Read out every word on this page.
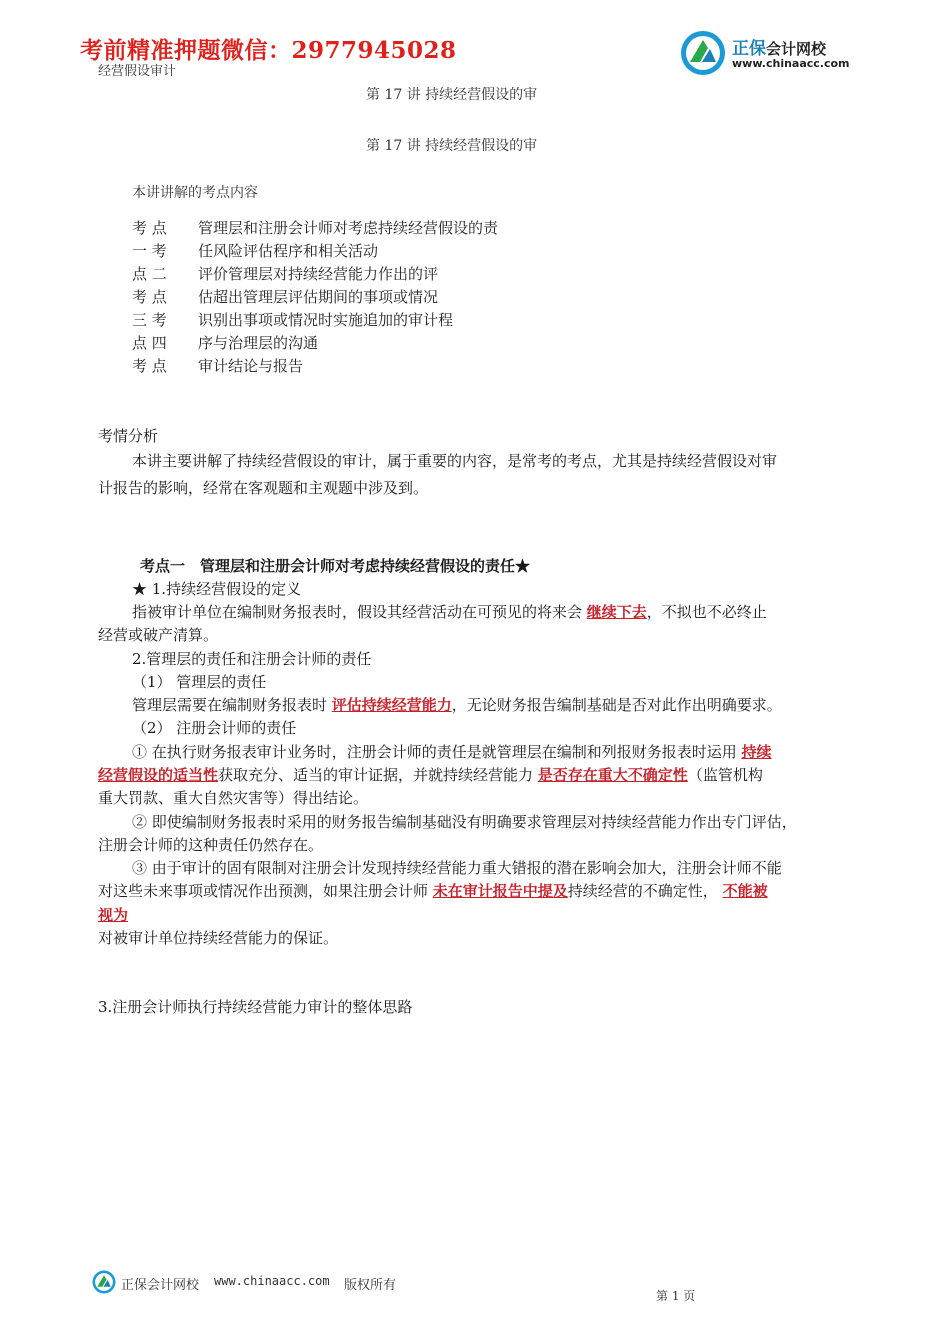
考前精准押题微信：2977945028
经营假设审计
正保会计网校
www.chinaacc.com
第 17 讲 持续经营假设的审
第 17 讲 持续经营假设的审
本讲讲解的考点内容
考 点 管理层和注册会计师对考虑持续经营假设的责
一 考 任风险评估程序和相关活动
点 二 评价管理层对持续经营能力作出的评
考 点 估超出管理层评估期间的事项或情况
三 考 识别出事项或情况时实施追加的审计程
点 四 序与治理层的沟通
考 点 审计结论与报告
考情分析
本讲主要讲解了持续经营假设的审计，属于重要的内容，是常考的考点，尤其是持续经营假设对审
计报告的影响，经常在客观题和主观题中涉及到。
考点一　管理层和注册会计师对考虑持续经营假设的责任★
★ 1.持续经营假设的定义
指被审计单位在编制财务报表时，假设其经营活动在可预见的将来会 继续下去，不拟也不必终止
经营或破产清算。
2.管理层的责任和注册会计师的责任
（1） 管理层的责任
管理层需要在编制财务报表时 评估持续经营能力，无论财务报告编制基础是否对此作出明确要求。
（2） 注册会计师的责任
① 在执行财务报表审计业务时，注册会计师的责任是就管理层在编制和列报财务报表时运用 持续
经营假设的适当性获取充分、适当的审计证据，并就持续经营能力 是否存在重大不确定性（监管机构
重大罚款、重大自然灾害等）得出结论。
② 即使编制财务报表时采用的财务报告编制基础没有明确要求管理层对持续经营能力作出专门评估，
注册会计师的这种责任仍然存在。
③ 由于审计的固有限制对注册会计发现持续经营能力重大错报的潜在影响会加大，注册会计师不能
对这些未来事项或情况作出预测，如果注册会计师 未在审计报告中提及持续经营的不确定性， 不能被
视为
对被审计单位持续经营能力的保证。
3.注册会计师执行持续经营能力审计的整体思路
正保会计网校 www.chinaacc.com 版权所有
第 1 页
